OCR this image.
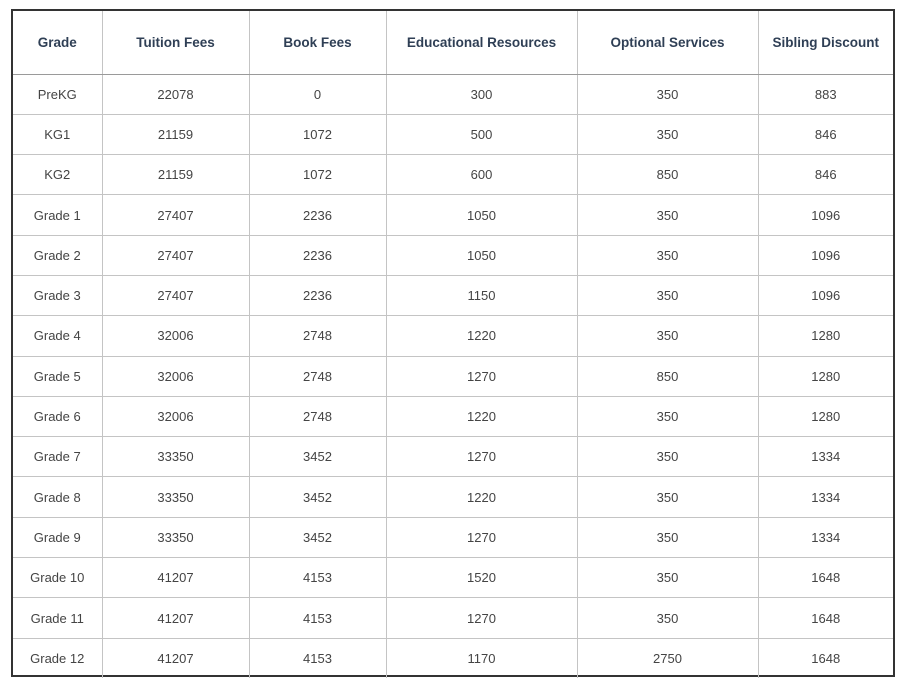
Grade	Tuition Fees	Book Fees	Educational Resources	Optional Services	Sibling Discount
PreKG	22078	0	300	350	883
KG1	21159	1072	500	350	846
KG2	21159	1072	600	850	846
Grade 1	27407	2236	1050	350	1096
Grade 2	27407	2236	1050	350	1096
Grade 3	27407	2236	1150	350	1096
Grade 4	32006	2748	1220	350	1280
Grade 5	32006	2748	1270	850	1280
Grade 6	32006	2748	1220	350	1280
Grade 7	33350	3452	1270	350	1334
Grade 8	33350	3452	1220	350	1334
Grade 9	33350	3452	1270	350	1334
Grade 10	41207	4153	1520	350	1648
Grade 11	41207	4153	1270	350	1648
Grade 12	41207	4153	1170	2750	1648
